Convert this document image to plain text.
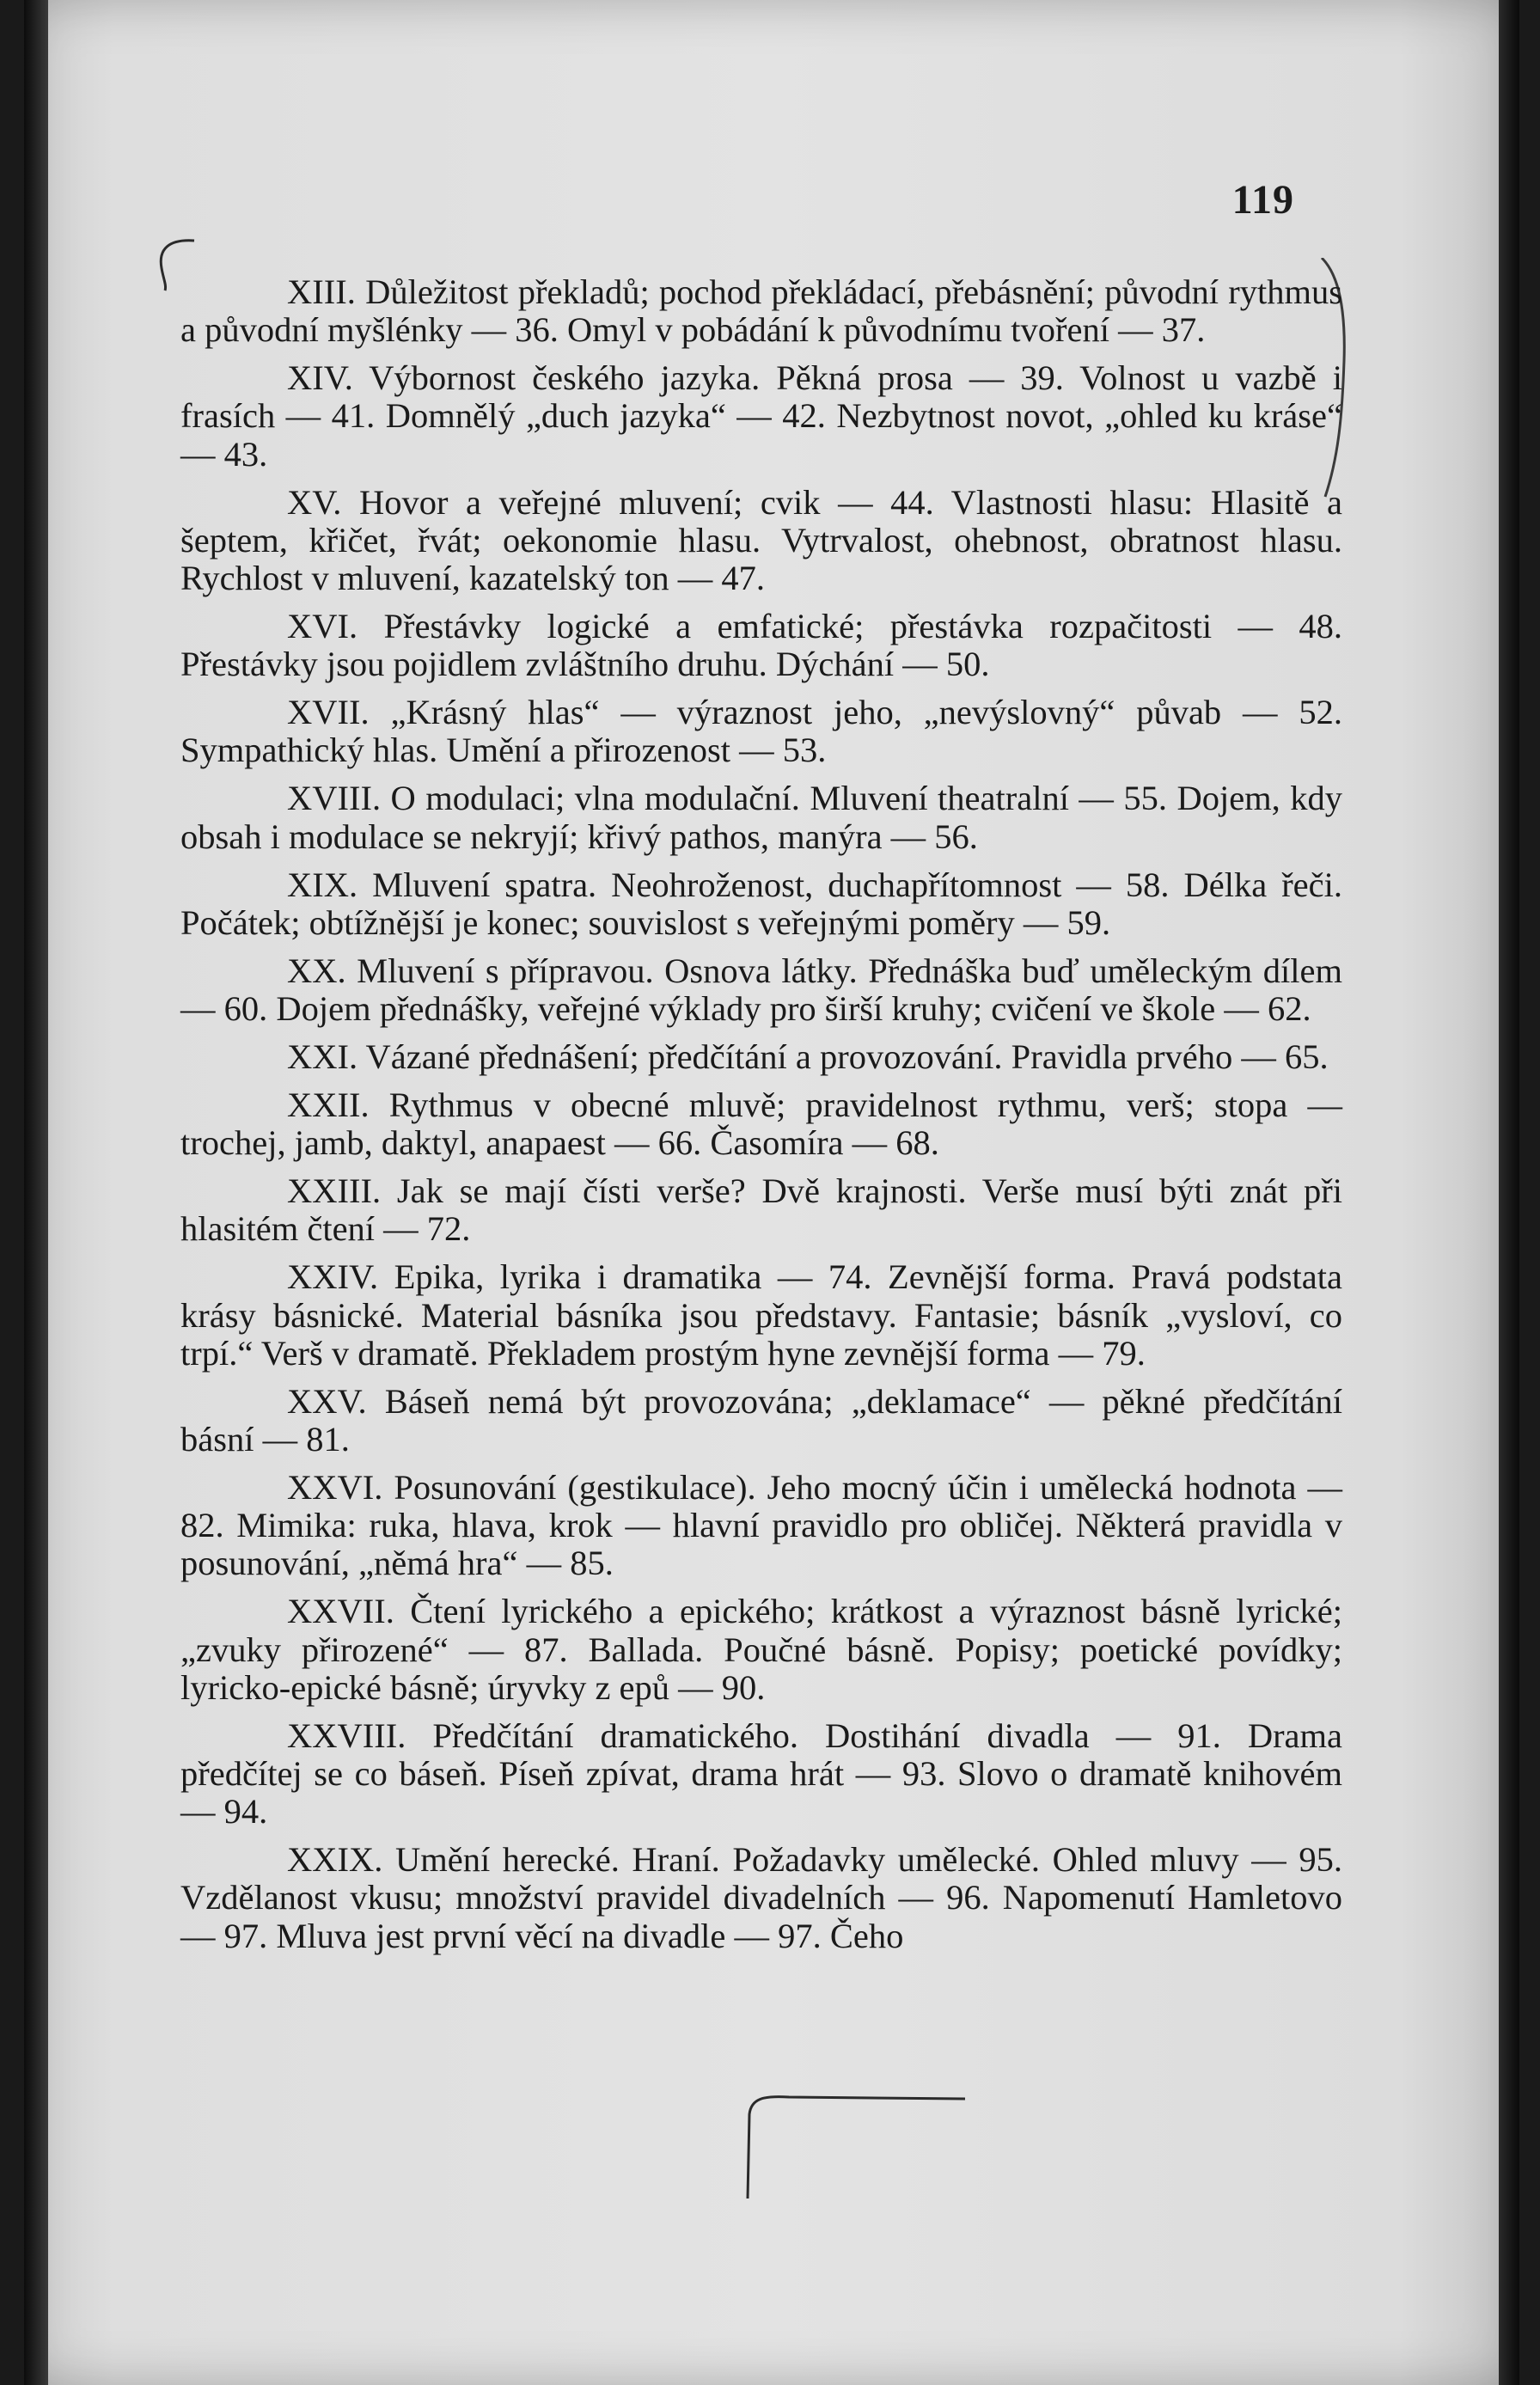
119

XIII. Důležitost překladů; pochod překládací, přebásnění; původní rythmus a původní myšlénky — 36. Omyl v pobádání k původnímu tvoření — 37.

XIV. Výbornost českého jazyka. Pěkná prosa — 39. Volnost u vazbě i frasích — 41. Domnělý „duch jazyka“ — 42. Nezbytnost novot, „ohled ku kráse“ — 43.

XV. Hovor a veřejné mluvení; cvik — 44. Vlastnosti hlasu: Hlasitě a šeptem, křičet, řvát; oekonomie hlasu. Vytrvalost, ohebnost, obratnost hlasu. Rychlost v mluvení, kazatelský ton — 47.

XVI. Přestávky logické a emfatické; přestávka rozpačitosti — 48. Přestávky jsou pojidlem zvláštního druhu. Dýchání — 50.

XVII. „Krásný hlas“ — výraznost jeho, „nevýslovný“ půvab — 52. Sympathický hlas. Umění a přirozenost — 53.

XVIII. O modulaci; vlna modulační. Mluvení theatralní — 55. Dojem, kdy obsah i modulace se nekryjí; křivý pathos, manýra — 56.

XIX. Mluvení spatra. Neohroženost, duchapřítomnost — 58. Délka řeči. Počátek; obtížnější je konec; souvislost s veřejnými poměry — 59.

XX. Mluvení s přípravou. Osnova látky. Přednáška buď uměleckým dílem — 60. Dojem přednášky, veřejné výklady pro širší kruhy; cvičení ve škole — 62.

XXI. Vázané přednášení; předčítání a provozování. Pravidla prvého — 65.

XXII. Rythmus v obecné mluvě; pravidelnost rythmu, verš; stopa — trochej, jamb, daktyl, anapaest — 66. Časomíra — 68.

XXIII. Jak se mají čísti verše? Dvě krajnosti. Verše musí býti znát při hlasitém čtení — 72.

XXIV. Epika, lyrika i dramatika — 74. Zevnější forma. Pravá podstata krásy básnické. Material básníka jsou představy. Fantasie; básník „vysloví, co trpí.“ Verš v dramatě. Překladem prostým hyne zevnější forma — 79.

XXV. Báseň nemá být provozována; „deklamace“ — pěkné předčítání básní — 81.

XXVI. Posunování (gestikulace). Jeho mocný účin i umělecká hodnota — 82. Mimika: ruka, hlava, krok — hlavní pravidlo pro obličej. Některá pravidla v posunování, „němá hra“ — 85.

XXVII. Čtení lyrického a epického; krátkost a výraznost básně lyrické; „zvuky přirozené“ — 87. Ballada. Poučné básně. Popisy; poetické povídky; lyricko-epické básně; úryvky z epů — 90.

XXVIII. Předčítání dramatického. Dostihání divadla — 91. Drama předčítej se co báseň. Píseň zpívat, drama hrát — 93. Slovo o dramatě knihovém — 94.

XXIX. Umění herecké. Hraní. Požadavky umělecké. Ohled mluvy — 95. Vzdělanost vkusu; množství pravidel divadelních — 96. Napomenutí Hamletovo — 97. Mluva jest první věcí na divadle — 97. Čeho
